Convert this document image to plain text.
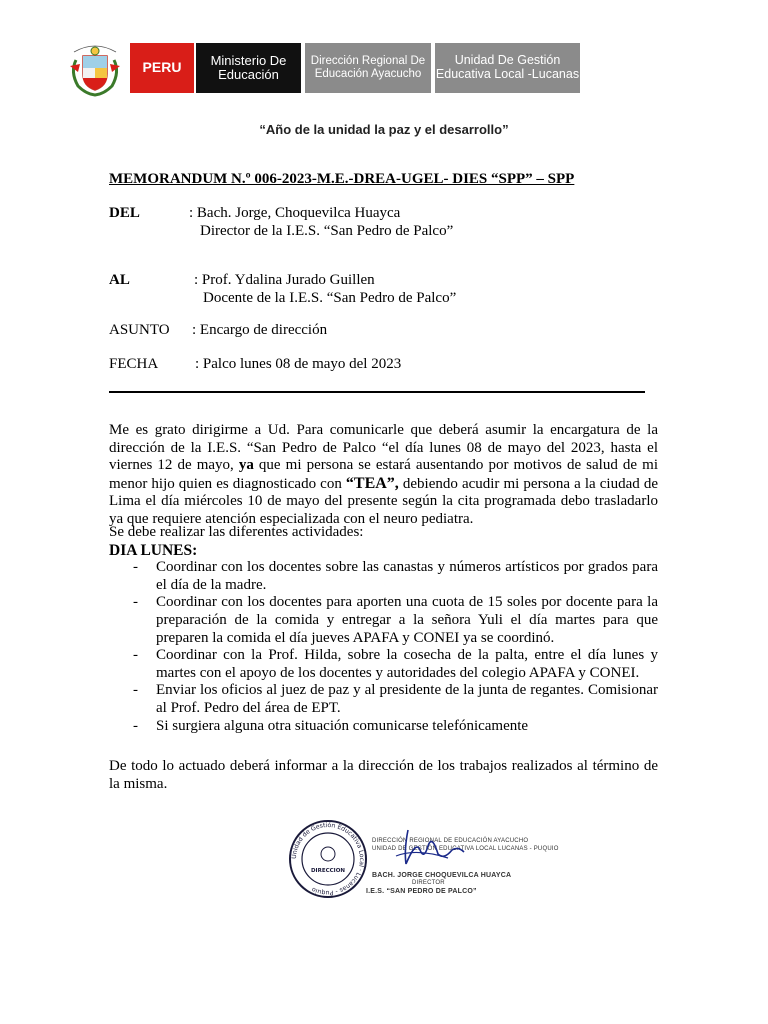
PERU	Ministerio De Educación
Dirección Regional De Educación Ayacucho
Unidad De Gestión Educativa Local -Lucanas
“Año de la unidad la paz y el desarrollo”
MEMORANDUM N.º 006-2023-M.E.-DREA-UGEL- DIES “SPP” – SPP
DEL	: Bach. Jorge, Choquevilca Huayca
Director de la I.E.S. “San Pedro de Palco”
AL	: Prof. Ydalina Jurado Guillen
Docente de la I.E.S. “San Pedro de Palco”
ASUNTO : Encargo de dirección
FECHA : Palco lunes 08 de mayo del 2023
Me es grato dirigirme a Ud. Para comunicarle que deberá asumir la encargatura de la dirección de la I.E.S. “San Pedro de Palco “el día lunes 08 de mayo del 2023, hasta el viernes 12 de mayo, ya que mi persona se estará ausentando por motivos de salud de mi menor hijo quien es diagnosticado con “TEA”, debiendo acudir mi persona a la ciudad de Lima el día miércoles 10 de mayo del presente según la cita programada debo trasladarlo ya que requiere atención especializada con el neuro pediatra.
Se debe realizar las diferentes actividades:
DIA LUNES:
- Coordinar con los docentes sobre las canastas y números artísticos por grados para el día de la madre.
- Coordinar con los docentes para aporten una cuota de 15 soles por docente para la preparación de la comida y entregar a la señora Yuli el día martes para que preparen la comida el día jueves APAFA y CONEI ya se coordinó.
- Coordinar con la Prof. Hilda, sobre la cosecha de la palta, entre el día lunes y martes con el apoyo de los docentes y autoridades del colegio APAFA y CONEI.
- Enviar los oficios al juez de paz y al presidente de la junta de regantes. Comisionar al Prof. Pedro del área de EPT.
- Si surgiera alguna otra situación comunicarse telefónicamente
De todo lo actuado deberá informar a la dirección de los trabajos realizados al término de la misma.
Unidad de Gestión Educativa Local · Lucanas - Puquio
DIRECCION
DIRECCIÓN REGIONAL DE EDUCACIÓN AYACUCHO
UNIDAD DE GESTIÓN EDUCATIVA LOCAL LUCANAS - PUQUIO
BACH. JORGE CHOQUEVILCA HUAYCA
DIRECTOR
I.E.S. “SAN PEDRO DE PALCO”
